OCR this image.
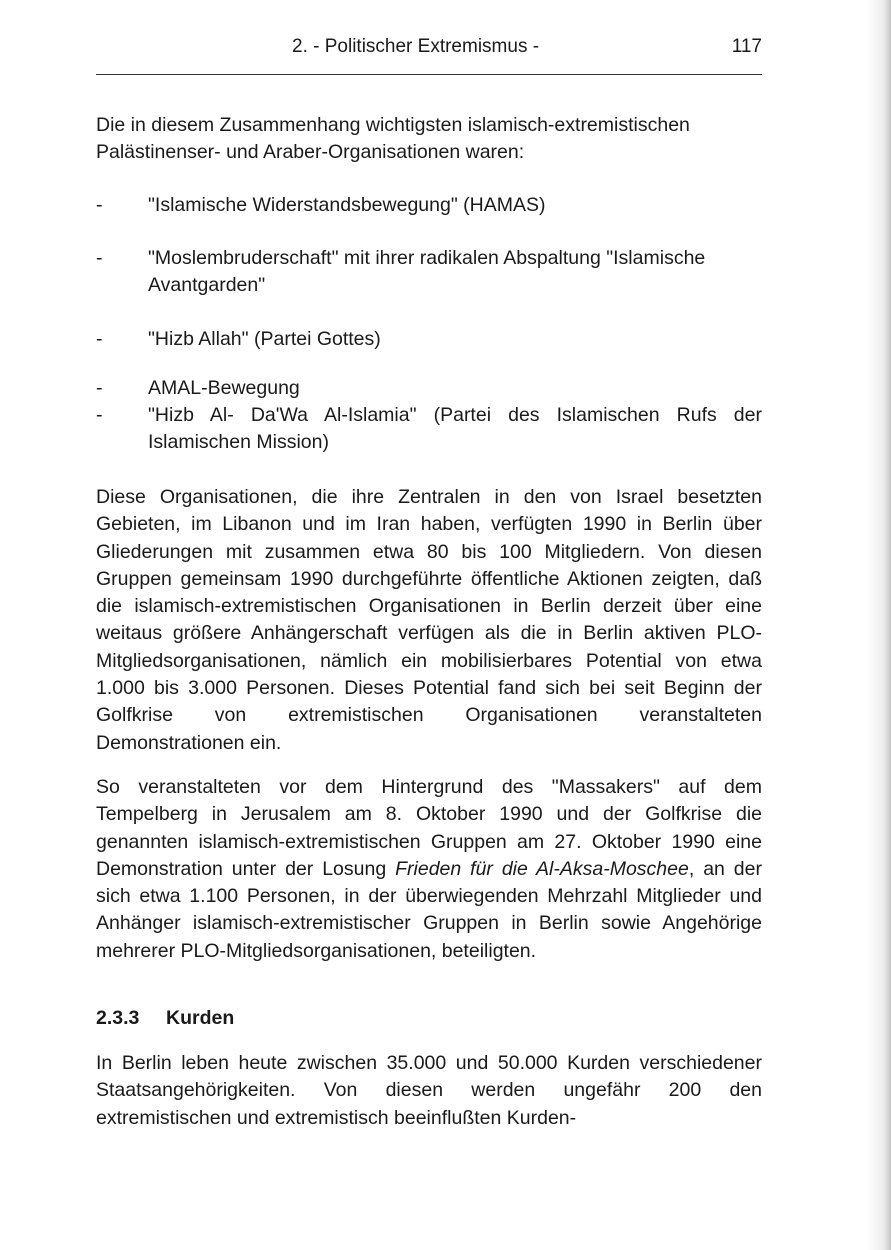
2. - Politischer Extremismus -	117
Die in diesem Zusammenhang wichtigsten islamisch-extremistischen Palästinenser- und Araber-Organisationen waren:
- "Islamische Widerstandsbewegung" (HAMAS)
- "Moslembruderschaft" mit ihrer radikalen Abspaltung "Islamische Avantgarden"
- "Hizb Allah" (Partei Gottes)
- AMAL-Bewegung
- "Hizb Al- Da'Wa Al-Islamia" (Partei des Islamischen Rufs der Islamischen Mission)
Diese Organisationen, die ihre Zentralen in den von Israel besetzten Gebieten, im Libanon und im Iran haben, verfügten 1990 in Berlin über Gliederungen mit zusammen etwa 80 bis 100 Mitgliedern. Von diesen Gruppen gemeinsam 1990 durchgeführte öffentliche Aktionen zeigten, daß die islamisch-extremistischen Organisationen in Berlin derzeit über eine weitaus größere Anhängerschaft verfügen als die in Berlin aktiven PLO-Mitgliedsorganisationen, nämlich ein mobilisierbares Potential von etwa 1.000 bis 3.000 Personen. Dieses Potential fand sich bei seit Beginn der Golfkrise von extremistischen Organisationen veranstalteten Demonstrationen ein.
So veranstalteten vor dem Hintergrund des "Massakers" auf dem Tempelberg in Jerusalem am 8. Oktober 1990 und der Golfkrise die genannten islamisch-extremistischen Gruppen am 27. Oktober 1990 eine Demonstration unter der Losung Frieden für die Al-Aksa-Moschee, an der sich etwa 1.100 Personen, in der überwiegenden Mehrzahl Mitglieder und Anhänger islamisch-extremistischer Gruppen in Berlin sowie Angehörige mehrerer PLO-Mitgliedsorganisationen, beteiligten.
2.3.3 Kurden
In Berlin leben heute zwischen 35.000 und 50.000 Kurden verschiedener Staatsangehörigkeiten. Von diesen werden ungefähr 200 den extremistischen und extremistisch beeinflußten Kurden-
